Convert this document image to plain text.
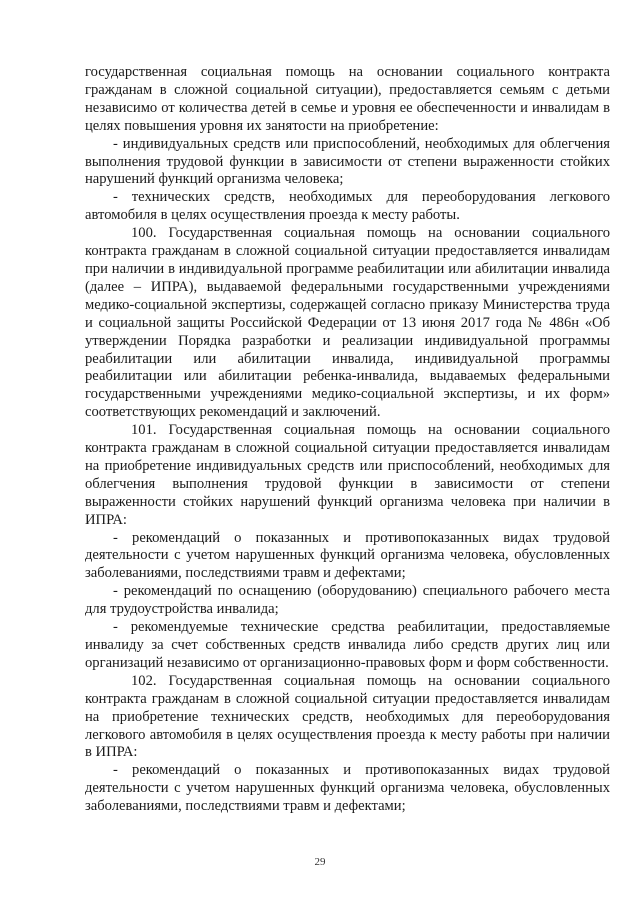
государственная социальная помощь на основании социального контракта гражданам в сложной социальной ситуации), предоставляется семьям с детьми независимо от количества детей в семье и уровня ее обеспеченности и инвалидам в целях повышения уровня их занятости на приобретение:

- индивидуальных средств или приспособлений, необходимых для облегчения выполнения трудовой функции в зависимости от степени выраженности стойких нарушений функций организма человека;

- технических средств, необходимых для переоборудования легкового автомобиля в целях осуществления проезда к месту работы.

100. Государственная социальная помощь на основании социального контракта гражданам в сложной социальной ситуации предоставляется инвалидам при наличии в индивидуальной программе реабилитации или абилитации инвалида (далее – ИПРА), выдаваемой федеральными государственными учреждениями медико-социальной экспертизы, содержащей согласно приказу Министерства труда и социальной защиты Российской Федерации от 13 июня 2017 года № 486н «Об утверждении Порядка разработки и реализации индивидуальной программы реабилитации или абилитации инвалида, индивидуальной программы реабилитации или абилитации ребенка-инвалида, выдаваемых федеральными государственными учреждениями медико-социальной экспертизы, и их форм» соответствующих рекомендаций и заключений.

101. Государственная социальная помощь на основании социального контракта гражданам в сложной социальной ситуации предоставляется инвалидам на приобретение индивидуальных средств или приспособлений, необходимых для облегчения выполнения трудовой функции в зависимости от степени выраженности стойких нарушений функций организма человека при наличии в ИПРА:

- рекомендаций о показанных и противопоказанных видах трудовой деятельности с учетом нарушенных функций организма человека, обусловленных заболеваниями, последствиями травм и дефектами;

- рекомендаций по оснащению (оборудованию) специального рабочего места для трудоустройства инвалида;

- рекомендуемые технические средства реабилитации, предоставляемые инвалиду за счет собственных средств инвалида либо средств других лиц или организаций независимо от организационно-правовых форм и форм собственности.

102. Государственная социальная помощь на основании социального контракта гражданам в сложной социальной ситуации предоставляется инвалидам на приобретение технических средств, необходимых для переоборудования легкового автомобиля в целях осуществления проезда к месту работы при наличии в ИПРА:

- рекомендаций о показанных и противопоказанных видах трудовой деятельности с учетом нарушенных функций организма человека, обусловленных заболеваниями, последствиями травм и дефектами;

29
